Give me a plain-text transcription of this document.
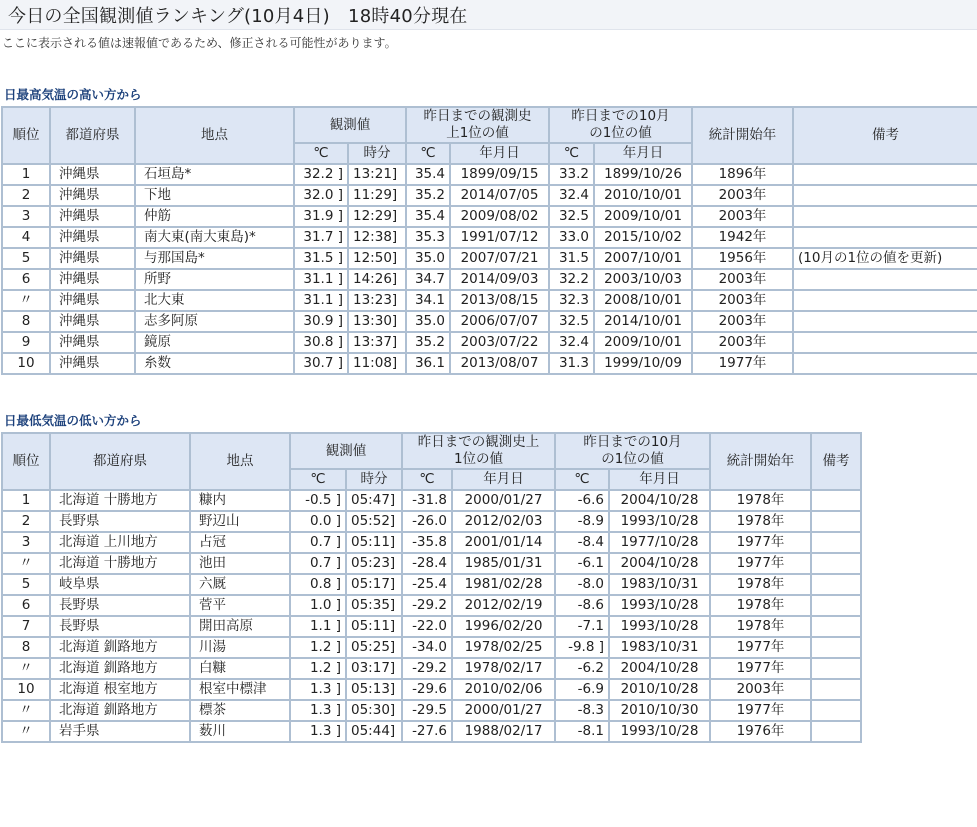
今日の全国観測値ランキング(10月4日)　18時40分現在
ここに表示される値は速報値であるため、修正される可能性があります。
日最高気温の高い方から
順位	都道府県	地点	観測値		昨日までの観測史上1位の値		昨日までの10月の1位の値		統計開始年	備考
			℃	時分	℃	年月日	℃	年月日		
1	沖縄県	石垣島*	32.2 ]	13:21]	35.4	1899/09/15	33.2	1899/10/26	1896年	
2	沖縄県	下地	32.0 ]	11:29]	35.2	2014/07/05	32.4	2010/10/01	2003年	
3	沖縄県	仲筋	31.9 ]	12:29]	35.4	2009/08/02	32.5	2009/10/01	2003年	
4	沖縄県	南大東(南大東島)*	31.7 ]	12:38]	35.3	1991/07/12	33.0	2015/10/02	1942年	
5	沖縄県	与那国島*	31.5 ]	12:50]	35.0	2007/07/21	31.5	2007/10/01	1956年	(10月の1位の値を更新)
6	沖縄県	所野	31.1 ]	14:26]	34.7	2014/09/03	32.2	2003/10/03	2003年	
〃	沖縄県	北大東	31.1 ]	13:23]	34.1	2013/08/15	32.3	2008/10/01	2003年	
8	沖縄県	志多阿原	30.9 ]	13:30]	35.0	2006/07/07	32.5	2014/10/01	2003年	
9	沖縄県	鏡原	30.8 ]	13:37]	35.2	2003/07/22	32.4	2009/10/01	2003年	
10	沖縄県	糸数	30.7 ]	11:08]	36.1	2013/08/07	31.3	1999/10/09	1977年	
日最低気温の低い方から
順位	都道府県	地点	観測値		昨日までの観測史上1位の値		昨日までの10月の1位の値		統計開始年	備考
			℃	時分	℃	年月日	℃	年月日		
1	北海道 十勝地方	糠内	-0.5 ]	05:47]	-31.8	2000/01/27	-6.6	2004/10/28	1978年	
2	長野県	野辺山	0.0 ]	05:52]	-26.0	2012/02/03	-8.9	1993/10/28	1978年	
3	北海道 上川地方	占冠	0.7 ]	05:11]	-35.8	2001/01/14	-8.4	1977/10/28	1977年	
〃	北海道 十勝地方	池田	0.7 ]	05:23]	-28.4	1985/01/31	-6.1	2004/10/28	1977年	
5	岐阜県	六厩	0.8 ]	05:17]	-25.4	1981/02/28	-8.0	1983/10/31	1978年	
6	長野県	菅平	1.0 ]	05:35]	-29.2	2012/02/19	-8.6	1993/10/28	1978年	
7	長野県	開田高原	1.1 ]	05:11]	-22.0	1996/02/20	-7.1	1993/10/28	1978年	
8	北海道 釧路地方	川湯	1.2 ]	05:25]	-34.0	1978/02/25	-9.8 ]	1983/10/31	1977年	
〃	北海道 釧路地方	白糠	1.2 ]	03:17]	-29.2	1978/02/17	-6.2	2004/10/28	1977年	
10	北海道 根室地方	根室中標津	1.3 ]	05:13]	-29.6	2010/02/06	-6.9	2010/10/28	2003年	
〃	北海道 釧路地方	標茶	1.3 ]	05:30]	-29.5	2000/01/27	-8.3	2010/10/30	1977年	
〃	岩手県	薮川	1.3 ]	05:44]	-27.6	1988/02/17	-8.1	1993/10/28	1976年	
